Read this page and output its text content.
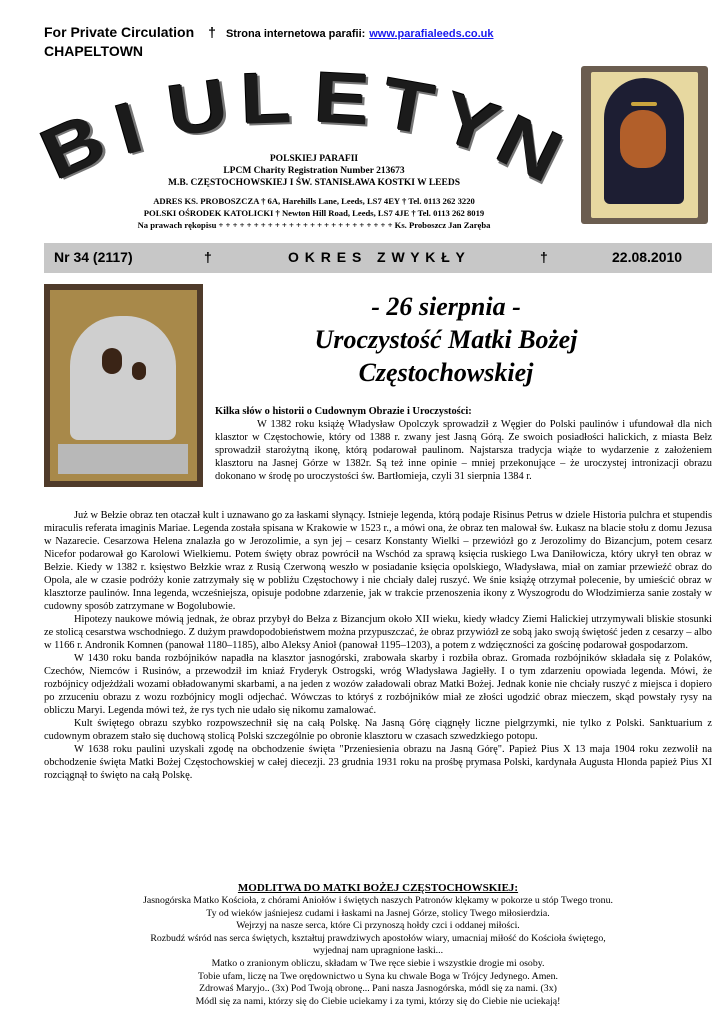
For Private Circulation † Strona internetowa parafii: www.parafialeeds.co.uk
CHAPELTOWN
B
I U L E T
Y
N
POLSKIEJ PARAFII
LPCM Charity Registration Number 213673
M.B. CZĘSTOCHOWSKIEJ I ŚW. STANISŁAWA KOSTKI W LEEDS
ADRES KS. PROBOSZCZA † 6A, Harehills Lane, Leeds, LS7 4EY † Tel. 0113 262 3220
POLSKI OŚRODEK KATOLICKI † Newton Hill Road, Leeds, LS7 4JE † Tel. 0113 262 8019
Na prawach rękopisu + + + + + + + + + + + + + + + + + + + + + + + + + Ks. Proboszcz Jan Zaręba
Nr 34 (2117)	†	O K R E S   Z W Y K Ł Y	†	22.08.2010
- 26 sierpnia -
Uroczystość Matki Bożej
Częstochowskiej
Kilka słów o historii o Cudownym Obrazie i Uroczystości:

W 1382 roku książę Władysław Opolczyk sprowadził z Węgier do Polski paulinów i ufundował dla nich klasztor w Częstochowie, który od 1388 r. zwany jest Jasną Górą. Ze swoich posiadłości halickich, z miasta Bełz sprowadził starożytną ikonę, którą podarował paulinom. Najstarsza tradycja wiąże to wydarzenie z założeniem klasztoru na Jasnej Górze w 1382r. Są też inne opinie – mniej przekonujące – że uroczystej intronizacji obrazu dokonano w środę po uroczystości św. Bartłomieja, czyli 31 sierpnia 1384 r.

Już w Bełzie obraz ten otaczał kult i uznawano go za łaskami słynący. Istnieje legenda, którą podaje Risinus Petrus w dziele Historia pulchra et stupendis miraculis referata imaginis Mariae. Legenda została spisana w Krakowie w 1523 r., a mówi ona, że obraz ten malował św. Łukasz na blacie stołu z domu Jezusa w Nazarecie. Cesarzowa Helena znalazła go w Jerozolimie, a syn jej – cesarz Konstanty Wielki – przewiózł go z Jerozolimy do Bizancjum, potem cesarz Nicefor podarował go Karolowi Wielkiemu. Potem święty obraz powrócił na Wschód za sprawą księcia ruskiego Lwa Daniłowicza, który ukrył ten obraz w Bełzie. Kiedy w 1382 r. księstwo Bełzkie wraz z Rusią Czerwoną weszło w posiadanie księcia opolskiego, Władysława, miał on zamiar przewieźć obraz do Opola, ale w czasie podróży konie zatrzymały się w pobliżu Częstochowy i nie chciały dalej ruszyć. We śnie książę otrzymał polecenie, by umieścić obraz w klasztorze paulinów. Inna legenda, wcześniejsza, opisuje podobne zdarzenie, jak w trakcie przenoszenia ikony z Wyszogrodu do Włodzimierza sanie zostały w cudowny sposób zatrzymane w Bogolubowie.

Hipotezy naukowe mówią jednak, że obraz przybył do Bełza z Bizancjum około XII wieku, kiedy władcy Ziemi Halickiej utrzymywali bliskie stosunki ze stolicą cesarstwa wschodniego. Z dużym prawdopodobieństwem można przypuszczać, że obraz przywiózł ze sobą jako swoją świętość jeden z cesarzy – albo w 1166 r. Andronik Komnen (panował 1180–1185), albo Aleksy Anioł (panował 1195–1203), a potem z wdzięczności za gościnę podarował gospodarzom.

W 1430 roku banda rozbójników napadła na klasztor jasnogórski, zrabowała skarby i rozbiła obraz. Gromada rozbójników składała się z Polaków, Czechów, Niemców i Rusinów, a przewodził im kniaź Fryderyk Ostrogski, wróg Władysława Jagiełły. I o tym zdarzeniu opowiada legenda. Mówi, że rozbójnicy odjeżdżali wozami obładowanymi skarbami, a na jeden z wozów załadowali obraz Matki Bożej. Jednak konie nie chciały ruszyć z miejsca i dopiero po zrzuceniu obrazu z wozu rozbójnicy mogli odjechać. Wówczas to któryś z rozbójników miał ze złości ugodzić obraz mieczem, skąd powstały rysy na obliczu Maryi. Legenda mówi też, że rys tych nie udało się nikomu zamalować.

Kult świętego obrazu szybko rozpowszechnił się na całą Polskę. Na Jasną Górę ciągnęły liczne pielgrzymki, nie tylko z Polski. Sanktuarium z cudownym obrazem stało się duchową stolicą Polski szczególnie po obronie klasztoru w czasach szwedzkiego potopu.

W 1638 roku paulini uzyskali zgodę na obchodzenie święta "Przeniesienia obrazu na Jasną Górę". Papież Pius X 13 maja 1904 roku zezwolił na obchodzenie święta Matki Bożej Częstochowskiej w całej diecezji. 23 grudnia 1931 roku na prośbę prymasa Polski, kardynała Augusta Hlonda papież Pius XI rozciągnął to święto na całą Polskę.

MODLITWA DO MATKI BOŻEJ CZĘSTOCHOWSKIEJ:
Jasnogórska Matko Kościoła, z chórami Aniołów i świętych naszych Patronów klękamy w pokorze u stóp Twego tronu.
Ty od wieków jaśniejesz cudami i łaskami na Jasnej Górze, stolicy Twego miłosierdzia.
Wejrzyj na nasze serca, które Ci przynoszą hołdy czci i oddanej miłości.
Rozbudź wśród nas serca świętych, kształtuj prawdziwych apostołów wiary, umacniaj miłość do Kościoła świętego,
wyjednaj nam upragnione łaski...
Matko o zranionym obliczu, składam w Twe ręce siebie i wszystkie drogie mi osoby.
Tobie ufam, liczę na Twe orędownictwo u Syna ku chwale Boga w Trójcy Jedynego. Amen.
Zdrowaś Maryjo.. (3x) Pod Twoją obronę... Pani nasza Jasnogórska, módl się za nami. (3x)
Módl się za nami, którzy się do Ciebie uciekamy i za tymi, którzy się do Ciebie nie uciekają!
